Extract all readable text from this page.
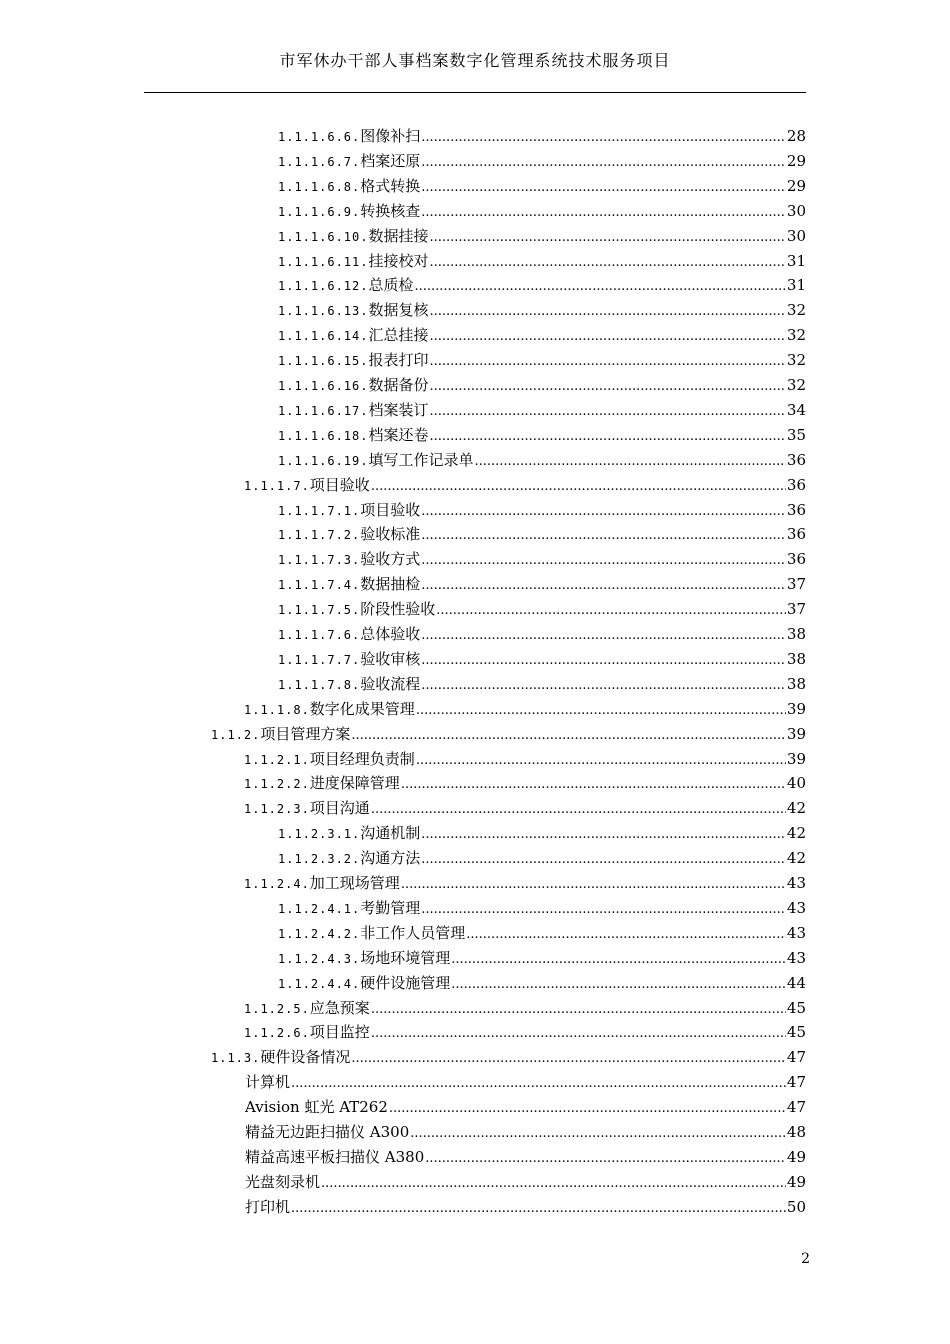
市军休办干部人事档案数字化管理系统技术服务项目
1.1.1.6.6. 图像补扫 .....	28
1.1.1.6.7. 档案还原 .....	29
1.1.1.6.8. 格式转换 .....	29
1.1.1.6.9. 转换核查 .....	30
1.1.1.6.10. 数据挂接 .....	30
1.1.1.6.11. 挂接校对 .....	31
1.1.1.6.12. 总质检 .....	31
1.1.1.6.13. 数据复核 .....	32
1.1.1.6.14. 汇总挂接 .....	32
1.1.1.6.15. 报表打印 .....	32
1.1.1.6.16. 数据备份 .....	32
1.1.1.6.17. 档案装订 .....	34
1.1.1.6.18. 档案还卷 .....	35
1.1.1.6.19. 填写工作记录单 .....	36
1.1.1.7. 项目验收 .....	36
1.1.1.7.1. 项目验收 .....	36
1.1.1.7.2. 验收标准 .....	36
1.1.1.7.3. 验收方式 .....	36
1.1.1.7.4. 数据抽检 .....	37
1.1.1.7.5. 阶段性验收 .....	37
1.1.1.7.6. 总体验收 .....	38
1.1.1.7.7. 验收审核 .....	38
1.1.1.7.8. 验收流程 .....	38
1.1.1.8. 数字化成果管理 .....	39
1.1.2. 项目管理方案 .....	39
1.1.2.1. 项目经理负责制 .....	39
1.1.2.2. 进度保障管理 .....	40
1.1.2.3. 项目沟通 .....	42
1.1.2.3.1. 沟通机制 .....	42
1.1.2.3.2. 沟通方法 .....	42
1.1.2.4. 加工现场管理 .....	43
1.1.2.4.1. 考勤管理 .....	43
1.1.2.4.2. 非工作人员管理 .....	43
1.1.2.4.3. 场地环境管理 .....	43
1.1.2.4.4. 硬件设施管理 .....	44
1.1.2.5. 应急预案 .....	45
1.1.2.6. 项目监控 .....	45
1.1.3. 硬件设备情况 .....	47
计算机 .....	47
Avision 虹光 AT262 .....	47
精益无边距扫描仪 A300 .....	48
精益高速平板扫描仪 A380 .....	49
光盘刻录机 .....	49
打印机 .....	50
2
